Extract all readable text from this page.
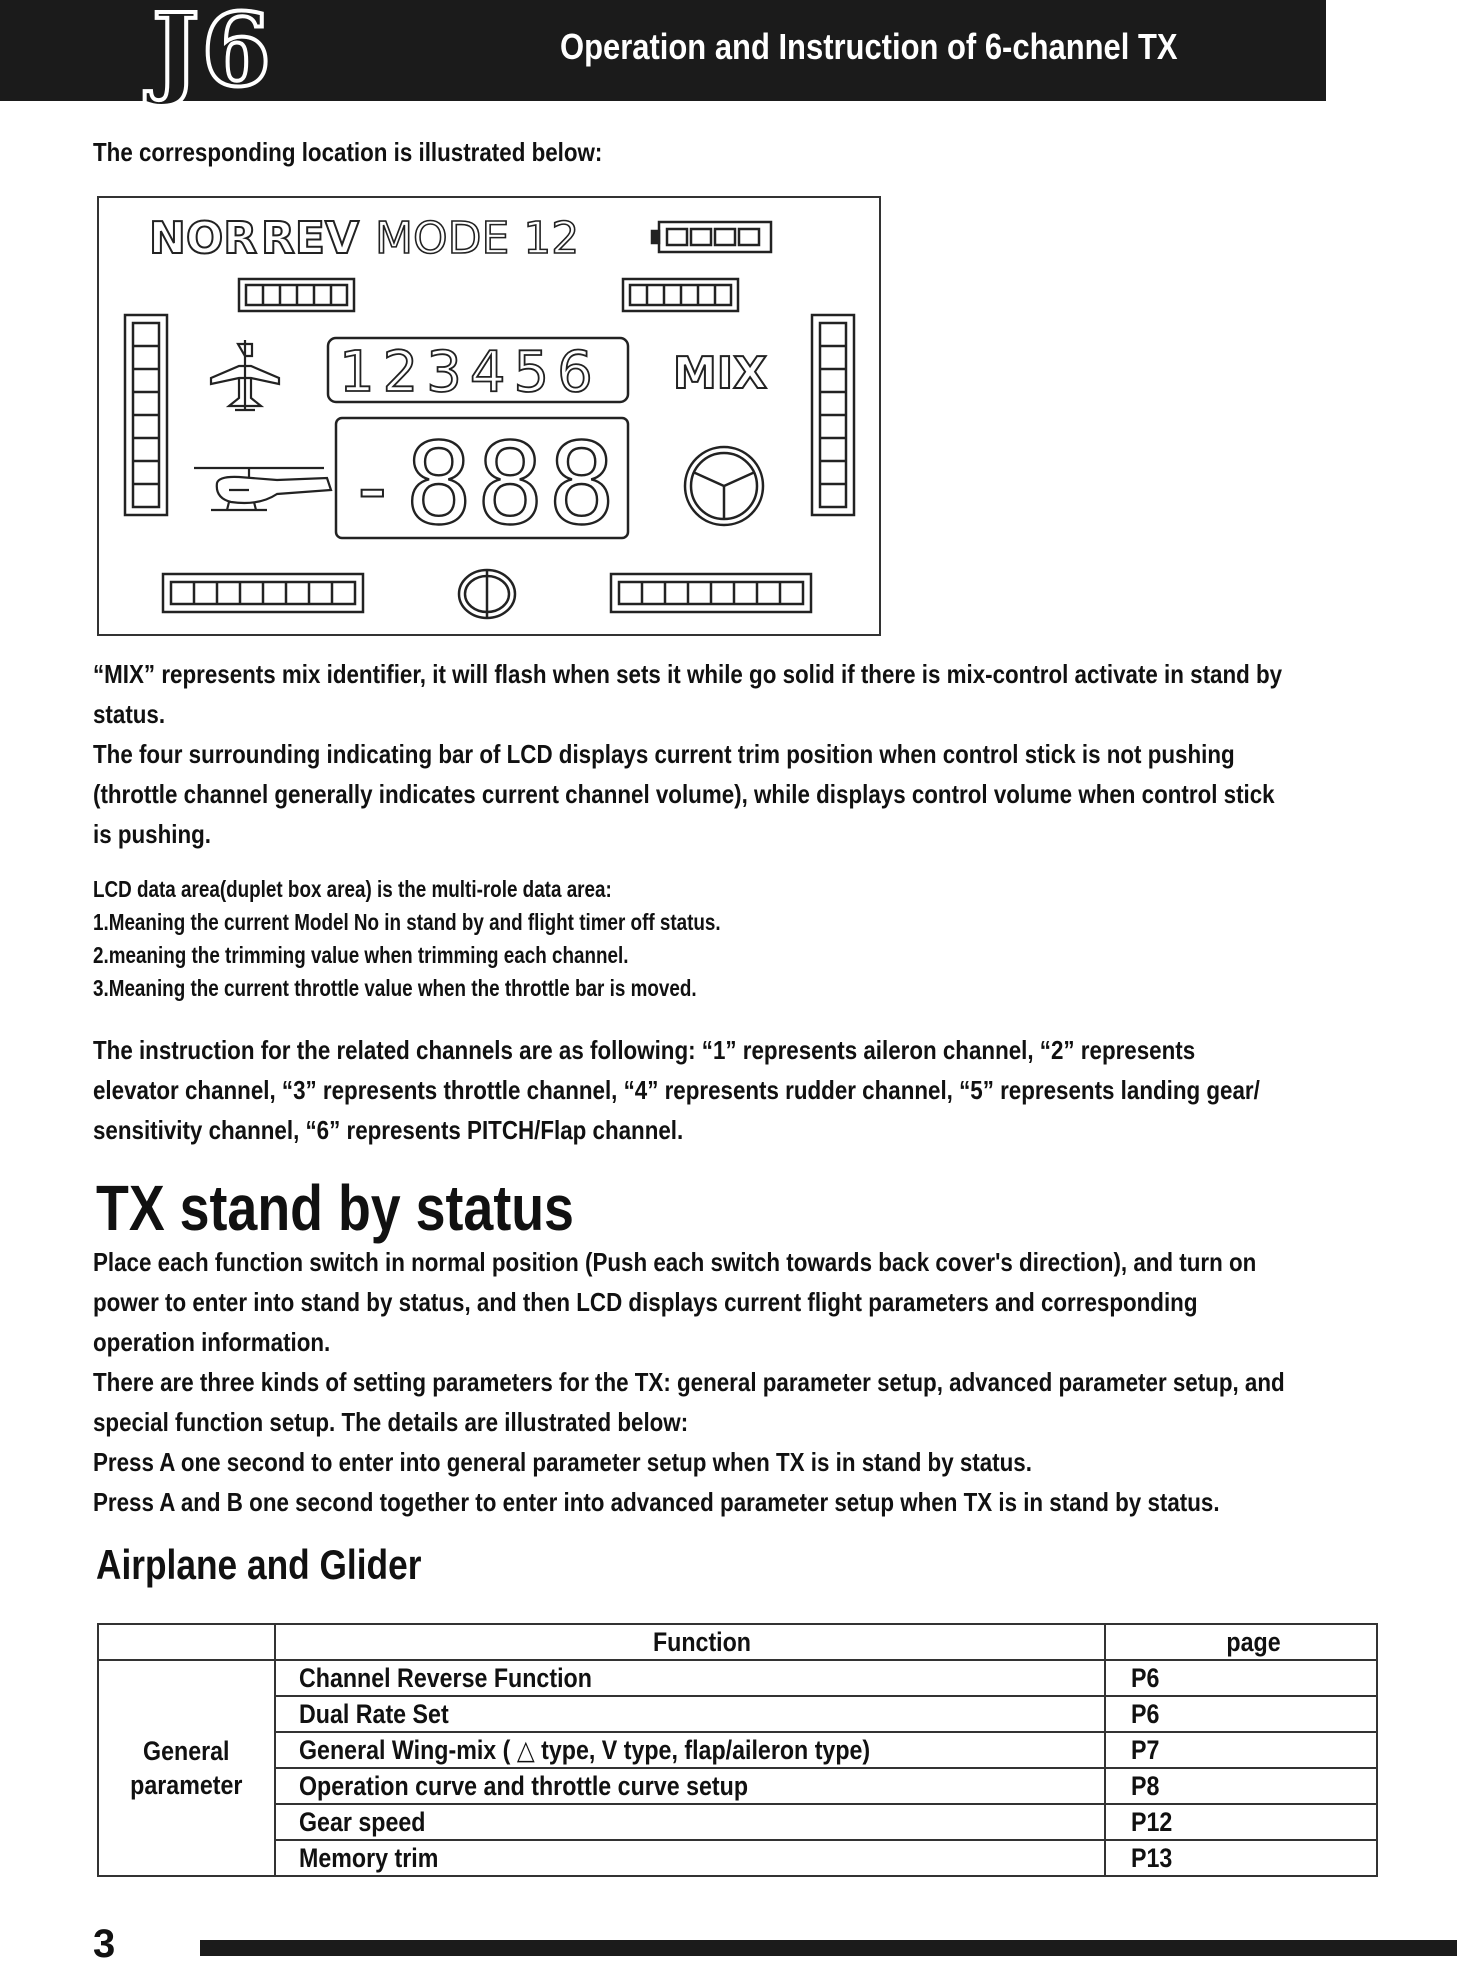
Operation and Instruction of 6-channel TX
J6
The corresponding location is illustrated below:
NOR REV MODE 12
123456 MIX
- 888
“MIX” represents mix identifier, it will flash when sets it while go solid if there is mix-control activate in stand by
status.
The four surrounding indicating bar of LCD displays current trim position when control stick is not pushing
(throttle channel generally indicates current channel volume), while displays control volume when control stick
is pushing.
LCD data area(duplet box area) is the multi-role data area:
1.Meaning the current Model No in stand by and flight timer off status.
2.meaning the trimming value when trimming each channel.
3.Meaning the current throttle value when the throttle bar is moved.
The instruction for the related channels are as following: “1” represents aileron channel, “2” represents
elevator channel, “3” represents throttle channel, “4” represents rudder channel, “5” represents landing gear/
sensitivity channel, “6” represents PITCH/Flap channel.
TX stand by status
Place each function switch in normal position (Push each switch towards back cover's direction), and turn on
power to enter into stand by status, and then LCD displays current flight parameters and corresponding
operation information.
There are three kinds of setting parameters for the TX: general parameter setup, advanced parameter setup, and
special function setup. The details are illustrated below:
Press A one second to enter into general parameter setup when TX is in stand by status.
Press A and B one second together to enter into advanced parameter setup when TX is in stand by status.
Airplane and Glider
	Function	page
General
parameter	Channel Reverse Function	P6
	Dual Rate Set	P6
	General Wing-mix ( △ type, V type, flap/aileron type)	P7
	Operation curve and throttle curve setup	P8
	Gear speed	P12
	Memory trim	P13
3
